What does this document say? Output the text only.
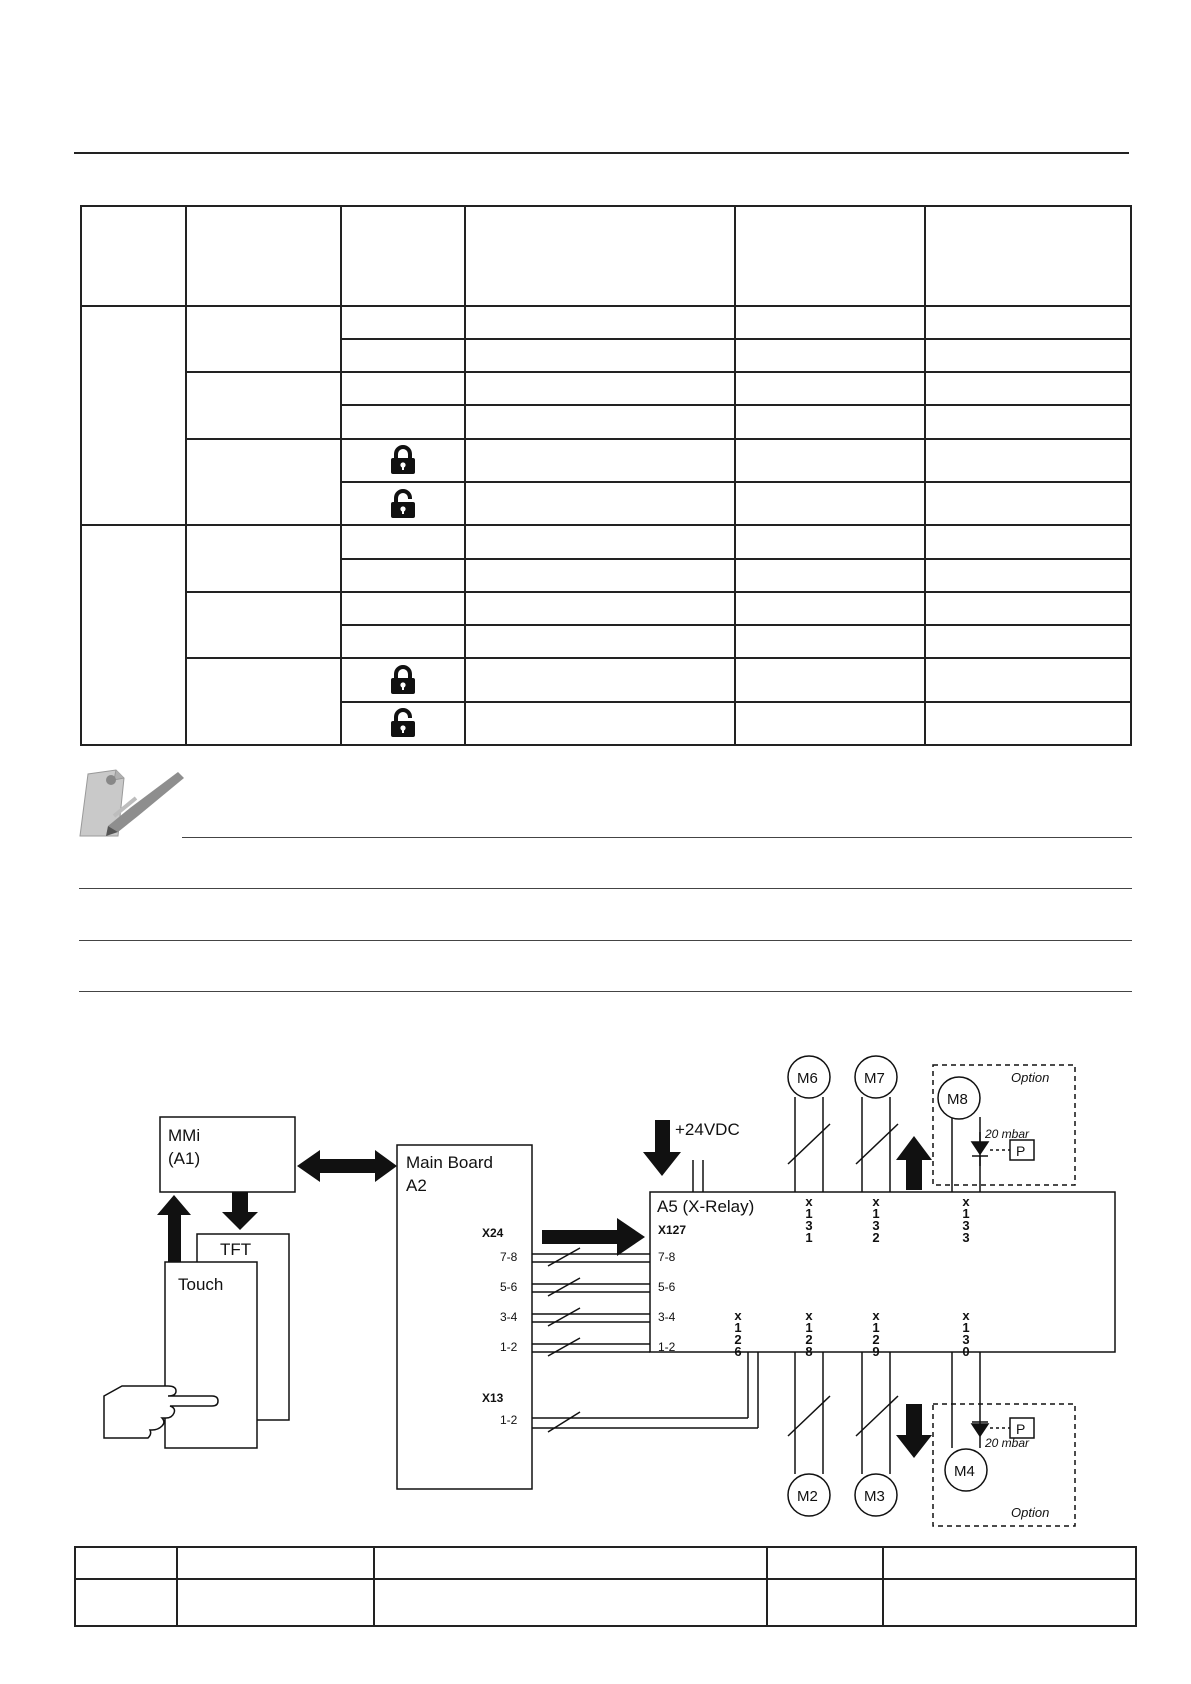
MMi
(A1)
TFT
Touch
Main Board
A2
X24
X13
1-2
7-8
5-6
3-4
1-2
7-8
5-6
3-4
1-2
+24VDC
A5 (X-Relay)
X127
M6	M7
M8
M2	M3
M4
Option
Option
20 mbar
20 mbar
P
P
x 1 3 1
x 1 3 2
x 1 3 3
x 1 2 6
x 1 2 8
x 1 2 9
x 1 3 0
